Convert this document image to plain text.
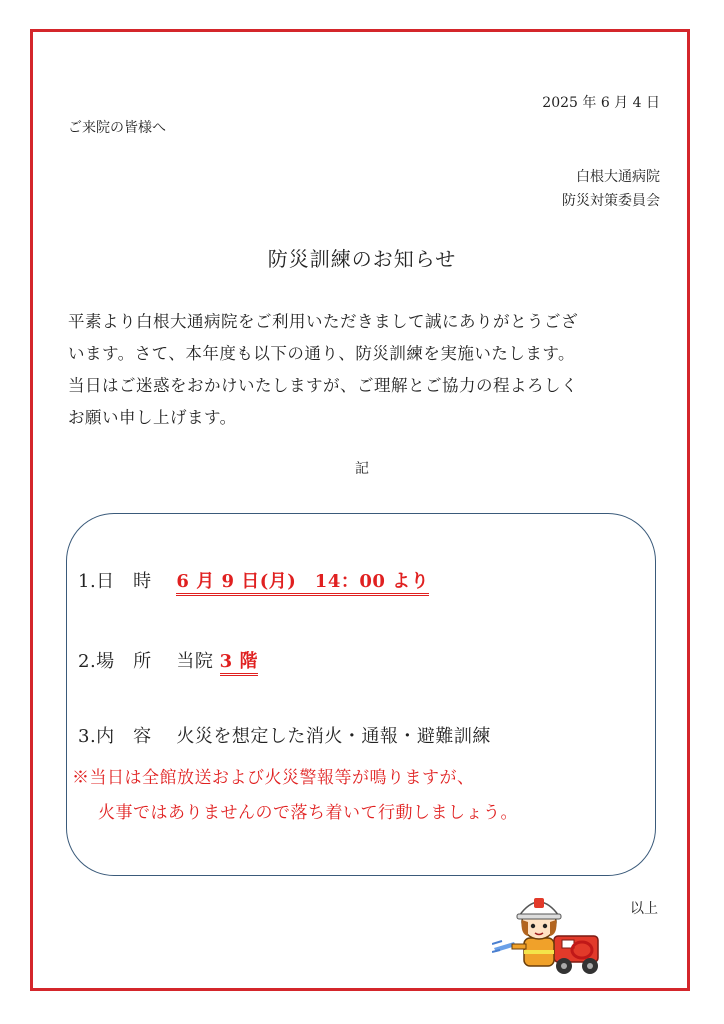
2025 年 6 月 4 日
ご来院の皆様へ
白根大通病院
防災対策委員会
防災訓練のお知らせ
平素より白根大通病院をご利用いただきまして誠にありがとうござ
います。さて、本年度も以下の通り、防災訓練を実施いたします。
当日はご迷惑をおかけいたしますが、ご理解とご協力の程よろしく
お願い申し上げます。
記
1.日　時　 6 月 9 日(月)　14：00 より
2.場　所　 当院 3 階
3.内　容　 火災を想定した消火・通報・避難訓練
※当日は全館放送および火災警報等が鳴りますが、
火事ではありませんので落ち着いて行動しましょう。
以上
